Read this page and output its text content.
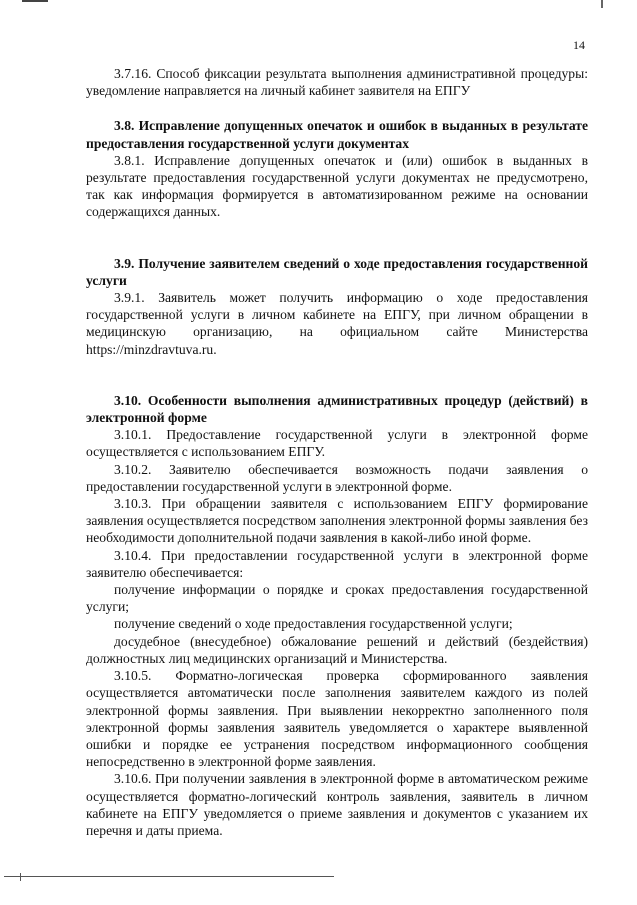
14

3.7.16. Способ фиксации результата выполнения административной процедуры: уведомление направляется на личный кабинет заявителя на ЕПГУ

3.8. Исправление допущенных опечаток и ошибок в выданных в результате предоставления государственной услуги документах

3.8.1. Исправление допущенных опечаток и (или) ошибок в выданных в результате предоставления государственной услуги документах не предусмотрено, так как информация формируется в автоматизированном режиме на основании содержащихся данных.

3.9. Получение заявителем сведений о ходе предоставления государственной услуги

3.9.1. Заявитель может получить информацию о ходе предоставления государственной услуги в личном кабинете на ЕПГУ, при личном обращении в медицинскую организацию, на официальном сайте Министерства https://minzdravtuva.ru.

3.10. Особенности выполнения административных процедур (действий) в электронной форме

3.10.1. Предоставление государственной услуги в электронной форме осуществляется с использованием ЕПГУ.

3.10.2. Заявителю обеспечивается возможность подачи заявления о предоставлении государственной услуги в электронной форме.

3.10.3. При обращении заявителя с использованием ЕПГУ формирование заявления осуществляется посредством заполнения электронной формы заявления без необходимости дополнительной подачи заявления в какой-либо иной форме.

3.10.4. При предоставлении государственной услуги в электронной форме заявителю обеспечивается:

получение информации о порядке и сроках предоставления государственной услуги;

получение сведений о ходе предоставления государственной услуги;

досудебное (внесудебное) обжалование решений и действий (бездействия) должностных лиц медицинских организаций и Министерства.

3.10.5. Форматно-логическая проверка сформированного заявления осуществляется автоматически после заполнения заявителем каждого из полей электронной формы заявления. При выявлении некорректно заполненного поля электронной формы заявления заявитель уведомляется о характере выявленной ошибки и порядке ее устранения посредством информационного сообщения непосредственно в электронной форме заявления.

3.10.6. При получении заявления в электронной форме в автоматическом режиме осуществляется форматно-логический контроль заявления, заявитель в личном кабинете на ЕПГУ уведомляется о приеме заявления и документов с указанием их перечня и даты приема.
